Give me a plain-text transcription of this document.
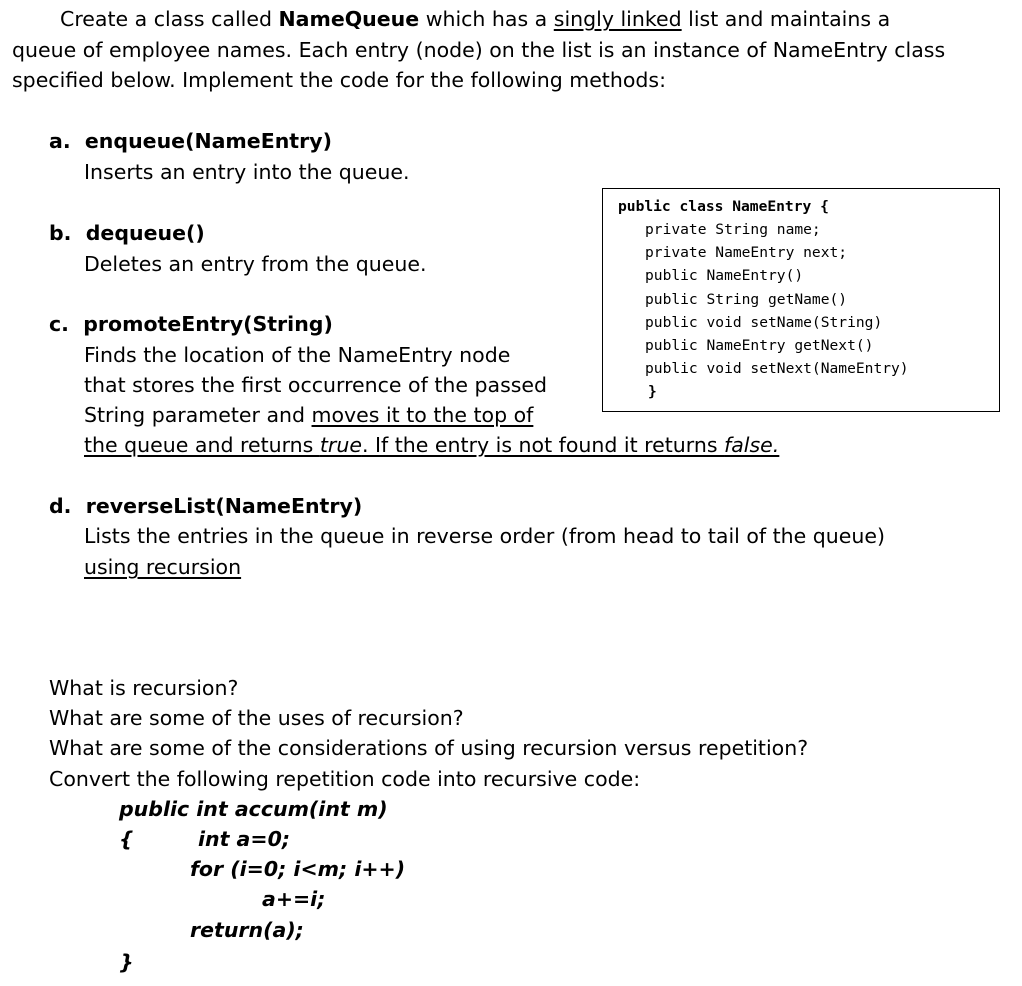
Create a class called NameQueue which has a singly linked list and maintains a
queue of employee names. Each entry (node) on the list is an instance of NameEntry class
specified below. Implement the code for the following methods:
a. enqueue(NameEntry)
Inserts an entry into the queue.
b. dequeue()
Deletes an entry from the queue.
c. promoteEntry(String)
Finds the location of the NameEntry node
that stores the first occurrence of the passed
String parameter and moves it to the top of
the queue and returns true. If the entry is not found it returns false.
d. reverseList(NameEntry)
Lists the entries in the queue in reverse order (from head to tail of the queue)
using recursion
public class NameEntry {
private String name;
private NameEntry next;
public NameEntry()
public String getName()
public void setName(String)
public NameEntry getNext()
public void setNext(NameEntry)
}
What is recursion?
What are some of the uses of recursion?
What are some of the considerations of using recursion versus repetition?
Convert the following repetition code into recursive code:
public int accum(int m)
{	int a=0;
for (i=0; i<m; i++)
a+=i;
return(a);
}
